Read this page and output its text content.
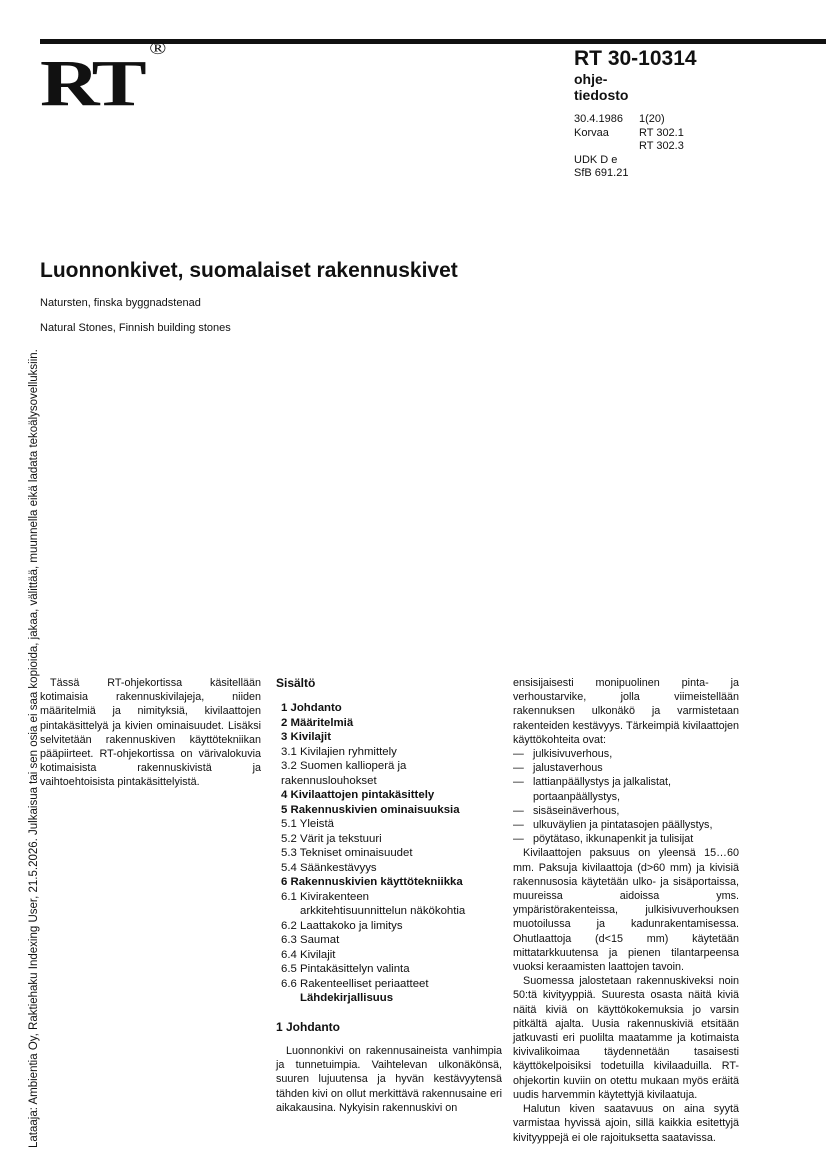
RT ®	RT 30-10314
ohje-
tiedosto
30.4.1986	1(20)
Korvaa	RT 302.1
RT 302.3
UDK D e
SfB 691.21
Luonnonkivet, suomalaiset rakennuskivet
Natursten, finska byggnadstenad
Natural Stones, Finnish building stones
Lataaja: Ambientia Oy, Raktiehaku Indexing User, 21.5.2026. Julkaisua tai sen osia ei saa kopioida, jakaa, välittää, muunnella eikä ladata tekoälysovelluksiin. Tässä RT-ohjekortissa käsitellään kotimaisia rakennuskivilajeja, niiden määritelmiä ja nimityksiä, kivilaattojen pintakäsittelyä ja kivien ominaisuudet. Lisäksi selvitetään rakennuskiven käyttötekniikan pääpiirteet. RT-ohjekortissa on värivalokuvia kotimaisista rakennuskivistä ja vaihtoehtoisista pintakäsittelyistä.

Sisältö
1 Johdanto
2 Määritelmiä
3 Kivilajit
3.1 Kivilajien ryhmittely
3.2 Suomen kallioperä ja
rakennuslouhokset
4 Kivilaattojen pintakäsittely
5 Rakennuskivien ominaisuuksia
5.1 Yleistä
5.2 Värit ja tekstuuri
5.3 Tekniset ominaisuudet
5.4 Säänkestävyys
6 Rakennuskivien käyttötekniikka
6.1 Kivirakenteen
arkkitehtisuunnittelun näkökohtia
6.2 Laattakoko ja limitys
6.3 Saumat
6.4 Kivilajit
6.5 Pintakäsittelyn valinta
6.6 Rakenteelliset periaatteet
Lähdekirjallisuus
1 Johdanto

Luonnonkivi on rakennusaineista vanhimpia ja tunnetuimpia. Vaihtelevan ulkonäkönsä, suuren lujuutensa ja hyvän kestävyytensä tähden kivi on ollut merkittävä rakennusaine eri aikakausina. Nykyisin rakennuskivi on

ensisijaisesti monipuolinen pinta- ja verhoustarvike, jolla viimeistellään rakennuksen ulkonäkö ja varmistetaan rakenteiden kestävyys. Tärkeimpiä kivilaattojen käyttökohteita ovat:

— julkisivuverhous,
— jalustaverhous
— lattianpäällystys ja jalkalistat, portaanpäällystys,
— sisäseinäverhous,
— ulkuväylien ja pintatasojen päällystys,
— pöytätaso, ikkunapenkit ja tulisijat

Kivilaattojen paksuus on yleensä 15…60 mm. Paksuja kivilaattoja (d>60 mm) ja kivisiä rakennusosia käytetään ulko- ja sisäportaissa, muureissa aidoissa yms. ympäristörakenteissa, julkisivuverhouksen muotoilussa ja kadunrakentamisessa. Ohutlaattoja (d<15 mm) käytetään mittatarkkuutensa ja pienen tilantarpeensa vuoksi keraamisten laattojen tavoin.

Suomessa jalostetaan rakennuskiveksi noin 50:tä kivityyppiä. Suuresta osasta näitä kiviä näitä kiviä on käyttökokemuksia jo varsin pitkältä ajalta. Uusia rakennuskiviä etsitään jatkuvasti eri puolilta maatamme ja kotimaista kivivalikoimaa täydennetään tasaisesti käyttökelpoisiksi todetuilla kivilaaduilla. RT-ohjekortin kuviin on otettu mukaan myös eräitä uudis harvemmin käytettyjä kivilaatuja.

Halutun kiven saatavuus on aina syytä varmistaa hyvissä ajoin, sillä kaikkia esitettyjä kivityyppejä ei ole rajoituksetta saatavissa.
